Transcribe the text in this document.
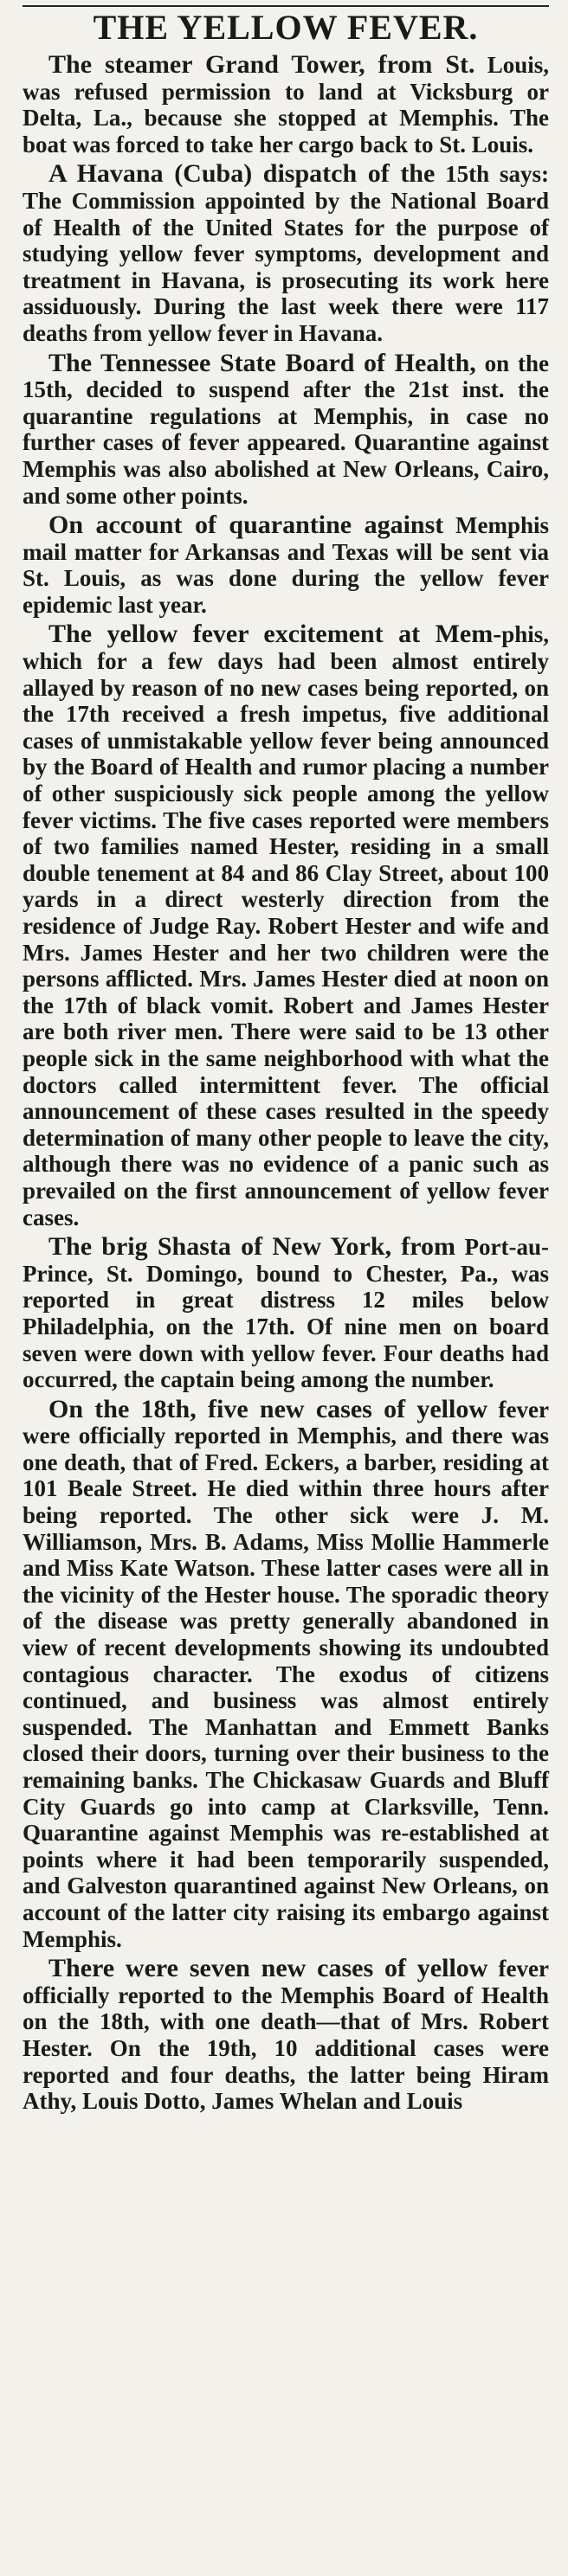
THE YELLOW FEVER.

The steamer Grand Tower, from St. Louis, was refused permission to land at Vicksburg or Delta, La., because she stopped at Memphis. The boat was forced to take her cargo back to St. Louis.

A Havana (Cuba) dispatch of the 15th says: The Commission appointed by the National Board of Health of the United States for the purpose of studying yellow fever symptoms, development and treatment in Havana, is prosecuting its work here assiduously. During the last week there were 117 deaths from yellow fever in Havana.

The Tennessee State Board of Health, on the 15th, decided to suspend after the 21st inst. the quarantine regulations at Memphis, in case no further cases of fever appeared. Quarantine against Memphis was also abolished at New Orleans, Cairo, and some other points.

On account of quarantine against Memphis mail matter for Arkansas and Texas will be sent via St. Louis, as was done during the yellow fever epidemic last year.

The yellow fever excitement at Mem-phis, which for a few days had been almost entirely allayed by reason of no new cases being reported, on the 17th received a fresh impetus, five additional cases of unmistakable yellow fever being announced by the Board of Health and rumor placing a number of other suspiciously sick people among the yellow fever victims. The five cases reported were members of two families named Hester, residing in a small double tenement at 84 and 86 Clay Street, about 100 yards in a direct westerly direction from the residence of Judge Ray. Robert Hester and wife and Mrs. James Hester and her two children were the persons afflicted. Mrs. James Hester died at noon on the 17th of black vomit. Robert and James Hester are both river men. There were said to be 13 other people sick in the same neighborhood with what the doctors called intermittent fever. The official announcement of these cases resulted in the speedy determination of many other people to leave the city, although there was no evidence of a panic such as prevailed on the first announcement of yellow fever cases.

The brig Shasta of New York, from Port-au-Prince, St. Domingo, bound to Chester, Pa., was reported in great distress 12 miles below Philadelphia, on the 17th. Of nine men on board seven were down with yellow fever. Four deaths had occurred, the captain being among the number.

On the 18th, five new cases of yellow fever were officially reported in Memphis, and there was one death, that of Fred. Eckers, a barber, residing at 101 Beale Street. He died within three hours after being reported. The other sick were J. M. Williamson, Mrs. B. Adams, Miss Mollie Hammerle and Miss Kate Watson. These latter cases were all in the vicinity of the Hester house. The sporadic theory of the disease was pretty generally abandoned in view of recent developments showing its undoubted contagious character. The exodus of citizens continued, and business was almost entirely suspended. The Manhattan and Emmett Banks closed their doors, turning over their business to the remaining banks. The Chickasaw Guards and Bluff City Guards go into camp at Clarksville, Tenn. Quarantine against Memphis was re-established at points where it had been temporarily suspended, and Galveston quarantined against New Orleans, on account of the latter city raising its embargo against Memphis.

There were seven new cases of yellow fever officially reported to the Memphis Board of Health on the 18th, with one death—that of Mrs. Robert Hester. On the 19th, 10 additional cases were reported and four deaths, the latter being Hiram Athy, Louis Dotto, James Whelan and Louis
